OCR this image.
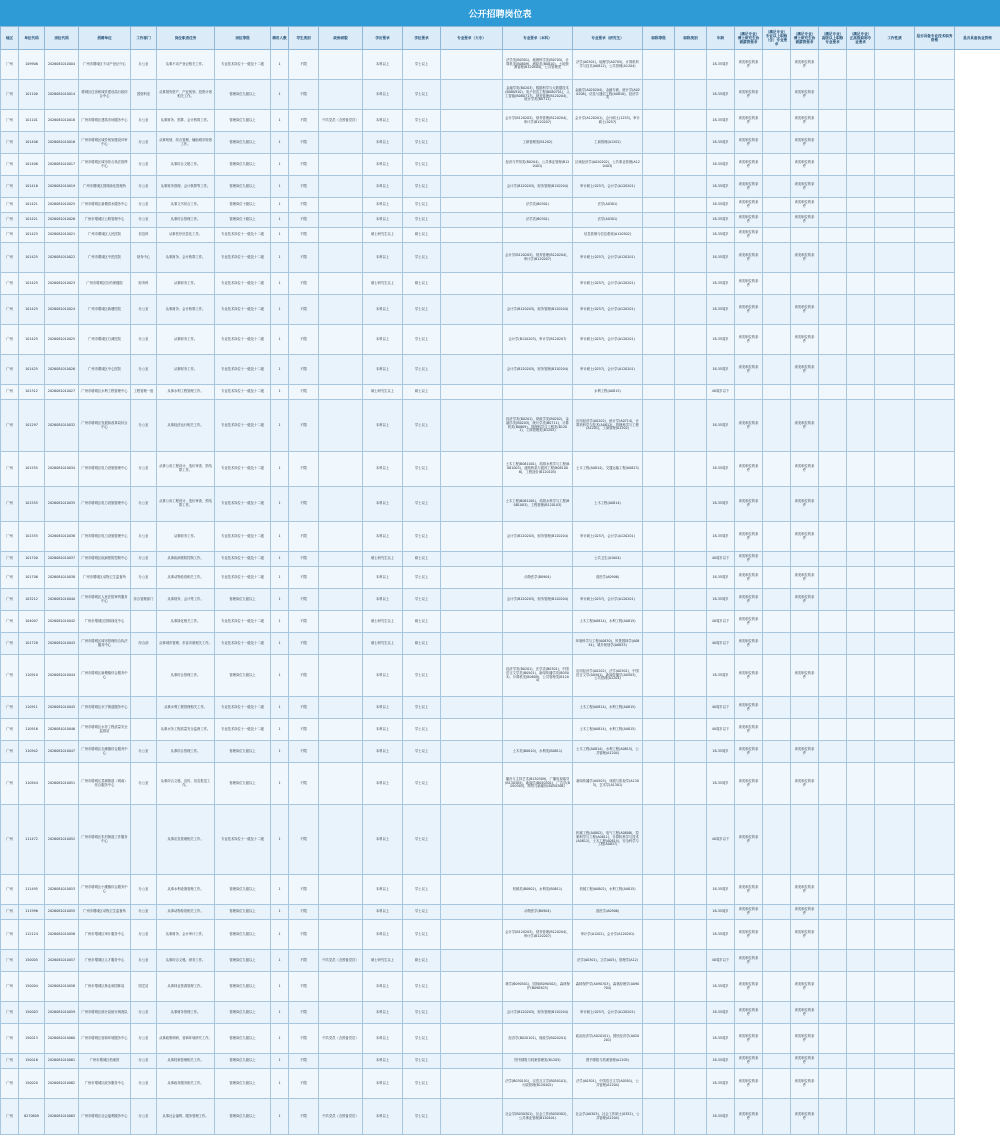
公开招聘岗位表
地区	单位代码	岗位代码	招聘单位	工作部门	岗位职责任务	岗位等级	聘用人数	考生类别	政治面貌	学历要求	学位要求	专业要求（大专）	专业要求（本科）	专业要求（研究生）	职称等级	职称类别	年龄	（满足专业）博士研究生协商薪资要求	（满足专业）专业以上职称（含）专业要求	（满足专业）博士研究生协商薪资要求	（满足专业）高级以上职称专业要求	（满足专业）正高级职称专业要求	工作性质	是否具备专业技术职务资格	是否具备执业资格
广州	109906	2026081010004	广州市增城区不动产登记中心	办公室	从事不动产登记相关工作。	专业技术岗位十一级及十二级	1	不限		本科以上	学士以上		法学类(B0301)，地理科学类(B0705)，计算机类(B0809)，测绘类(B0810)，土地资源管理(B120404)，公共管理类	法学(A0301)，地理学(A0705)，计算机科学与技术(A0812)，公共管理(A1204)			18-35周岁	该类职位的条件		该类职位的条件					
广州	101100	2026081010014	增城区住房和城乡建设局行政综合中心	国资科室	从事国有资产、产业规划、投资计划相关工作。	管理岗位九级以上	1	不限		本科以上	学士以上		金融学类(B0203)，数据科学与大数据技术(B080910)，电子信息工程(B080701)，人工智能(B080717)，财务管理(B120204)，统计学类(B0711)	金融学(A020204)，金融专硕，统计学(A020208)，信息与通信工程(A0810)，经济学类			18-35周岁	该类职位的条件		该类职位的条件					
广州	101101	2026081010018	广州市增城区建筑市场服务中心	办公室	从事财务、预算、会计核算工作。	管理岗位九级以上	1	不限	中共党员（含预备党员）	本科以上	学士以上		会计学(B120203)，财务管理(B120204)，审计学(B120207)	会计学(A120201)，会计硕士(1253)，审计硕士(0257)			18-35周岁	该类职位的条件		该类职位的条件					
广州	101406	2026081010016	广州市增城区城乡规划建设评审中心	办公室	从事规划、综合管理、辅助城市规划工作。	管理岗位九级以上	1	不限		本科以上	学士以上		工商管理类(B1202)	工商管理(A1202)			18-35周岁	该类职位的条件		该类职位的条件					
广州	101406	2026081010017	广州市增城区城市综合执法指挥中心	办公室	从事综合文秘工作。	管理岗位九级以上	1	不限		本科以上	学士以上		经济与贸易类(B0204)，公共事业管理(B120401)	区域经济学(A020202)，公共事业管理(A120403)			18-35周岁	该类职位的条件		该类职位的条件					
广州	101416	2026081010019	广州市增城区园林绿化管理所	办公室	从事财务管理、会计核算等工作。	管理岗位九级以上	1	不限		本科以上	学士以上		会计学(B120203)，财务管理(B120204)	审计硕士(0257)，会计学(A120201)			18-35周岁	该类职位的条件		该类职位的条件					
广州	101421	2026081010025	广州市增城区新塘供水服务中心	办公室	从事文书综合工作。	管理岗位十级以上	1	不限		本科以上	学士以上		法学类(B0301)	法学(A0301)			18-35周岁	该类职位的条件		该类职位的条件					
广州	101421	2026081010026	广州市增城区公路管理中心	办公室	从事综合管理工作。	管理岗位十级以上	1	不限		本科以上	学士以上		法学类(B0301)	法学(A0301)			18-35周岁	该类职位的条件		该类职位的条件					
广州	101425	2026081010021	广州市增城区人民医院	信息科	从事医疗信息化工作。	专业技术岗位十一级及十二级	1	不限		硕士研究生以上	硕士以上			信息管理与信息系统(A120502)			18-35周岁	该类职位的条件							
广州	101425	2026081010022	广州市增城区中医医院	财务中心	从事财务、会计核算工作。	专业技术岗位十一级及十二级	1	不限		本科以上	学士以上		会计学(B120203)，财务管理(B120204)，审计学(B120207)	审计硕士(0257)，会计学(A120201)			18-35周岁	该类职位的条件		该类职位的条件					
广州	101425	2026081010023	广州市增城区妇幼保健院	财务科	从事财务工作。	专业技术岗位十一级及十二级	1	不限		硕士研究生以上	硕士以上			审计硕士(0257)，会计学(A120201)			18-35周岁	该类职位的条件							
广州	101425	2026081010024	广州市增城区新塘医院	办公室	从事财务、会计核算工作。	专业技术岗位十一级及十二级	1	不限		本科以上	学士以上		会计学(B120203)，财务管理(B120204)	审计硕士(0257)，会计学(A120201)			18-35周岁	该类职位的条件		该类职位的条件					
广州	101425	2026081010025	广州市增城区石滩医院	办公室	从事财务工作。	专业技术岗位十一级及十二级	1	不限		本科以上	学士以上		会计学(B120203)，审计学(B120207)	审计硕士(0257)，会计学(A120201)			18-35周岁	该类职位的条件		该类职位的条件					
广州	101425	2026081010026	广州市增城区中心医院	办公室	从事财务工作。	专业技术岗位十一级及十二级	1	不限		本科以上	学士以上		会计学(B120203)，财务管理(B120204)	审计硕士(0257)，会计学(A120201)			18-35周岁	该类职位的条件		该类职位的条件					
广州	101312	2026081010027	广州市增城区水利工程管理中心	工程管理一组	从事水利工程管理工作。	专业技术岗位十一级及十二级	1	不限		硕士研究生以上	硕士以上			水利工程(A0815)			40周岁以下								
广州	101297	2026081010032	广州市增城区发展和改革局综合中心	办公室	从事经济运行相关工作。	专业技术岗位十一级及十二级	1	不限		本科以上	学士以上		经济学类(B0201)，财政学类(B0202)，金融学类(B0203)，统计学类(B0711)，计算机类(B0809)，管理科学与工程类(B1201)，工商管理类(B1202)	应用经济学(A0202)，统计学(A0714)，计算机科学与技术(A0812)，管理科学与工程(A1201)，工商管理(A1202)			18-35周岁	该类职位的条件		该类职位的条件					
广州	101555	2026081010034	广州市增城区电力设施管理中心	办公室	从事公用工程设计、造价审查、预结算工作。	专业技术岗位十一级及十二级	1	不限		本科以上	学士以上		土木工程(B081001)，给排水科学与工程(B081003)，道路桥梁与渡河工程(B081006)，工程造价(B120105)	土木工程(A0814)，交通运输工程(A0823)			18-35周岁	该类职位的条件		该类职位的条件					
广州	101555	2026081010035	广州市增城区电力设施管理中心	办公室	从事公用工程设计、造价审查、预结算工作。	专业技术岗位十一级及十二级	1	不限		本科以上	学士以上		土木工程(B081001)，给排水科学与工程(B081003)，工程管理(B120103)	土木工程(A0814)			18-35周岁	该类职位的条件		该类职位的条件					
广州	101555	2026081010036	广州市增城区电力设施管理中心	办公室	从事财务工作。	专业技术岗位十一级及十二级	1	不限		本科以上	学士以上		会计学(B120203)，财务管理(B120204)	审计硕士(0257)，会计学(A120201)			18-35周岁	该类职位的条件		该类职位的条件					
广州	101700	2026081010037	广州市增城区疾病预防控制中心	办公室	从事疾病预防控制工作。	专业技术岗位十一级及十二级	1	不限		硕士研究生以上	硕士以上			公共卫生(A1004)			40周岁以下	该类职位的条件							
广州	101706	2026081010038	广州市增城区动物卫生监督所	办公室	从事动物检疫相关工作。	专业技术岗位十一级及十二级	1	不限		本科以上	学士以上		动物医学(B0904)	兽医学(A0906)			18-35周岁	该类职位的条件		该类职位的条件					
广州	103212	2026081010040	广州市增城区人民法院审判服务中心	综合管理部门	从事财务、会计等工作。	管理岗位九级以上	1	不限		本科以上	学士以上		会计学(B120203)，财务管理(B120204)	审计硕士(0257)，会计学(A120201)			18-35周岁	该类职位的条件		该类职位的条件					
广州	104007	2026081010042	广州市增城区园林绿化中心		从事绿化相关工作。	专业技术岗位十一级及十二级	1	不限		硕士研究生以上	硕士以上			土木工程(A0814)，水利工程(A0815)			40周岁以下	该类职位的条件							
广州	101728	2026081010043	广州市增城区城市管理综合执法服务中心	综合部	从事城市管理、市容市貌相关工作。	专业技术岗位十一级及十二级	1	不限		硕士研究生以上	硕士以上			环境科学与工程(A0830)，风景园林学(A0834)，城乡规划学(A0833)			40周岁以下	该类职位的条件							
广州	110910	2026081010044	广州市增城区新塘镇综合服务中心		从事综合管理工作。	管理岗位九级以上	1	不限		本科以上	学士以上		经济学类(B0201)，法学类(B0301)，中国语言文学类(B0501)，新闻传播学类(B0503)，计算机类(B0809)，公共管理类(B1204)	应用经济学(A0202)，法学(A0301)，中国语言文学(A0501)，新闻传播学(A0503)，公共管理(A1204)			18-35周岁	该类职位的条件		该类职位的条件					
广州	110911	2026081010045	广州市增城区永宁街道服务中心		从事水利工程管理相关工作。	专业技术岗位十一级及十二级	1	不限		本科以上	学士以上			土木工程(A0814)，水利工程(A0815)			40周岁以下	该类职位的条件							
广州	110916	2026081010046	广州市增城区水务工程质量安全监督站		从事水务工程质量安全监督工作。	专业技术岗位十一级及十二级	1	不限		本科以上	学士以上			土木工程(A0814)，水利工程(A0815)			40周岁以下	该类职位的条件							
广州	110942	2026081010047	广州市增城区石滩镇综合服务中心	办公室	从事综合管理工作。	管理岗位九级以上	1	不限		本科以上	学士以上		土木类(B0810)，水利类(B0811)	土木工程(A0814)，水利工程(A0815)，公共管理(A1204)			18-35周岁	该类职位的条件		该类职位的条件					
广州	110944	2026081010051	广州市增城区荔城街道（城南）综合服务中心	办公室	从事综合文秘、宣传、信息报送工作。	管理岗位九级以上	1	不限		本科以上	学士以上		播音与主持艺术(B130309)，广播电视编导(B130305)，新闻学(B050301)，广告学(B050303)，网络与新媒体(B050306)	新闻传播学(A0503)，戏剧与影视学(A1303)，艺术学(A1301)			18-35周岁	该类职位的条件		该类职位的条件					
广州	111472	2026081010052	广州市增城区朱村街道工作服务中心		从事应急管理相关工作。	专业技术岗位十一级及十二级	1	不限		本科以上	学士以上			机械工程(A0802)，电气工程(A0808)，控制科学与工程(A0811)，计算机科学与技术(A0812)，土木工程(A0814)，安全科学与工程(A0837)			40周岁以下	该类职位的条件							
广州	111495	2026081010053	广州市增城区小楼镇综合服务中心	办公室	从事水利设施管理工作。	管理岗位九级以上	1	不限		本科以上	学士以上		机械类(B0802)，水利类(B0811)	机械工程(A0802)，水利工程(A0815)			18-35周岁	该类职位的条件		该类职位的条件					
广州	111996	2026081010055	广州市增城区动物卫生监督所	办公室	从事动物检疫相关工作。	管理岗位九级以上	1	不限		本科以上	学士以上		动物医学(B0904)	兽医学(A0906)			18-35周岁	该类职位的条件		该类职位的条件					
广州	112124	2026081010056	广州市增城区审计服务中心	办公室	从事财务、会计审计工作。	管理岗位九级以上	1	不限		本科以上	学士以上		会计学(B120203)，财务管理(B120204)，审计学(B120207)	审计学(A1202)，会计学(A120201)			18-35周岁	该类职位的条件		该类职位的条件					
广州	150005	2026081010057	广州市增城区人才服务中心	办公室	从事综合文秘、财务工作。	管理岗位九级以上	1	不限	中共党员（含预备党员）	硕士研究生以上	硕士以上			法学(A0301)，文学(A05)，管理学(A12)			40周岁以下	该类职位的条件							
广州	150004	2026081010058	广州市增城区林业和园林局	园艺站	从事林业资源管理工作。	管理岗位九级以上	1	不限		本科以上	学士以上		林学(B090501)，园林(B090502)，森林保护(B090503)	森林保护学(A090703)，森林经理学(A090704)			18-35周岁	该类职位的条件		该类职位的条件					
广州	150003	2026081010059	广州市增城区统计局统计调查队	办公室	从事财务管理工作。	管理岗位九级以上	1	不限		本科以上	学士以上		会计学(B120203)，财务管理(B120204)	审计硕士(0257)，会计学(A120201)			18-35周岁	该类职位的条件		该类职位的条件					
广州	150013	2026081010060	广州市增城区营商环境服务中心	办公室	从事政策调研、营商环境研究工作。	管理岗位九级以上	1	不限	中共党员（含预备党员）	本科以上	学士以上		经济学(B020101)，财政学(B020201)	政治经济学(A020101)，国民经济学(A020201)			18-35周岁	该类职位的条件		该类职位的条件					
广州	150016	2026081010061	广州市增城区档案馆	办公室	从事档案管理相关工作。	管理岗位九级以上	1	不限		本科以上	学士以上		图书情报与档案管理类(B1205)	图书情报与档案管理(A1205)			18-35周岁	该类职位的条件		该类职位的条件					
广州	150020	2026081010062	广州市增城区政务服务中心	办公室	从事政务服务相关工作。	管理岗位九级以上	1	不限		本科以上	学士以上		法学(B030101)，汉语言文学(B050101)，行政管理(B120402)	法学(A0301)，中国语言文学(A0501)，公共管理(A1204)			18-35周岁	该类职位的条件		该类职位的条件					
广州	6270809	2026081010063	广州市增城区社会福利服务中心	办公室	从事社会福利、服务管理工作。	管理岗位九级以上	1	不限	中共党员（含预备党员）	本科以上	学士以上		社会学(B030301)，社会工作(B030302)，公共事业管理(B120401)	社会学(A0303)，社会工作硕士(0352)，公共管理(A1204)			18-35周岁	该类职位的条件		该类职位的条件					
